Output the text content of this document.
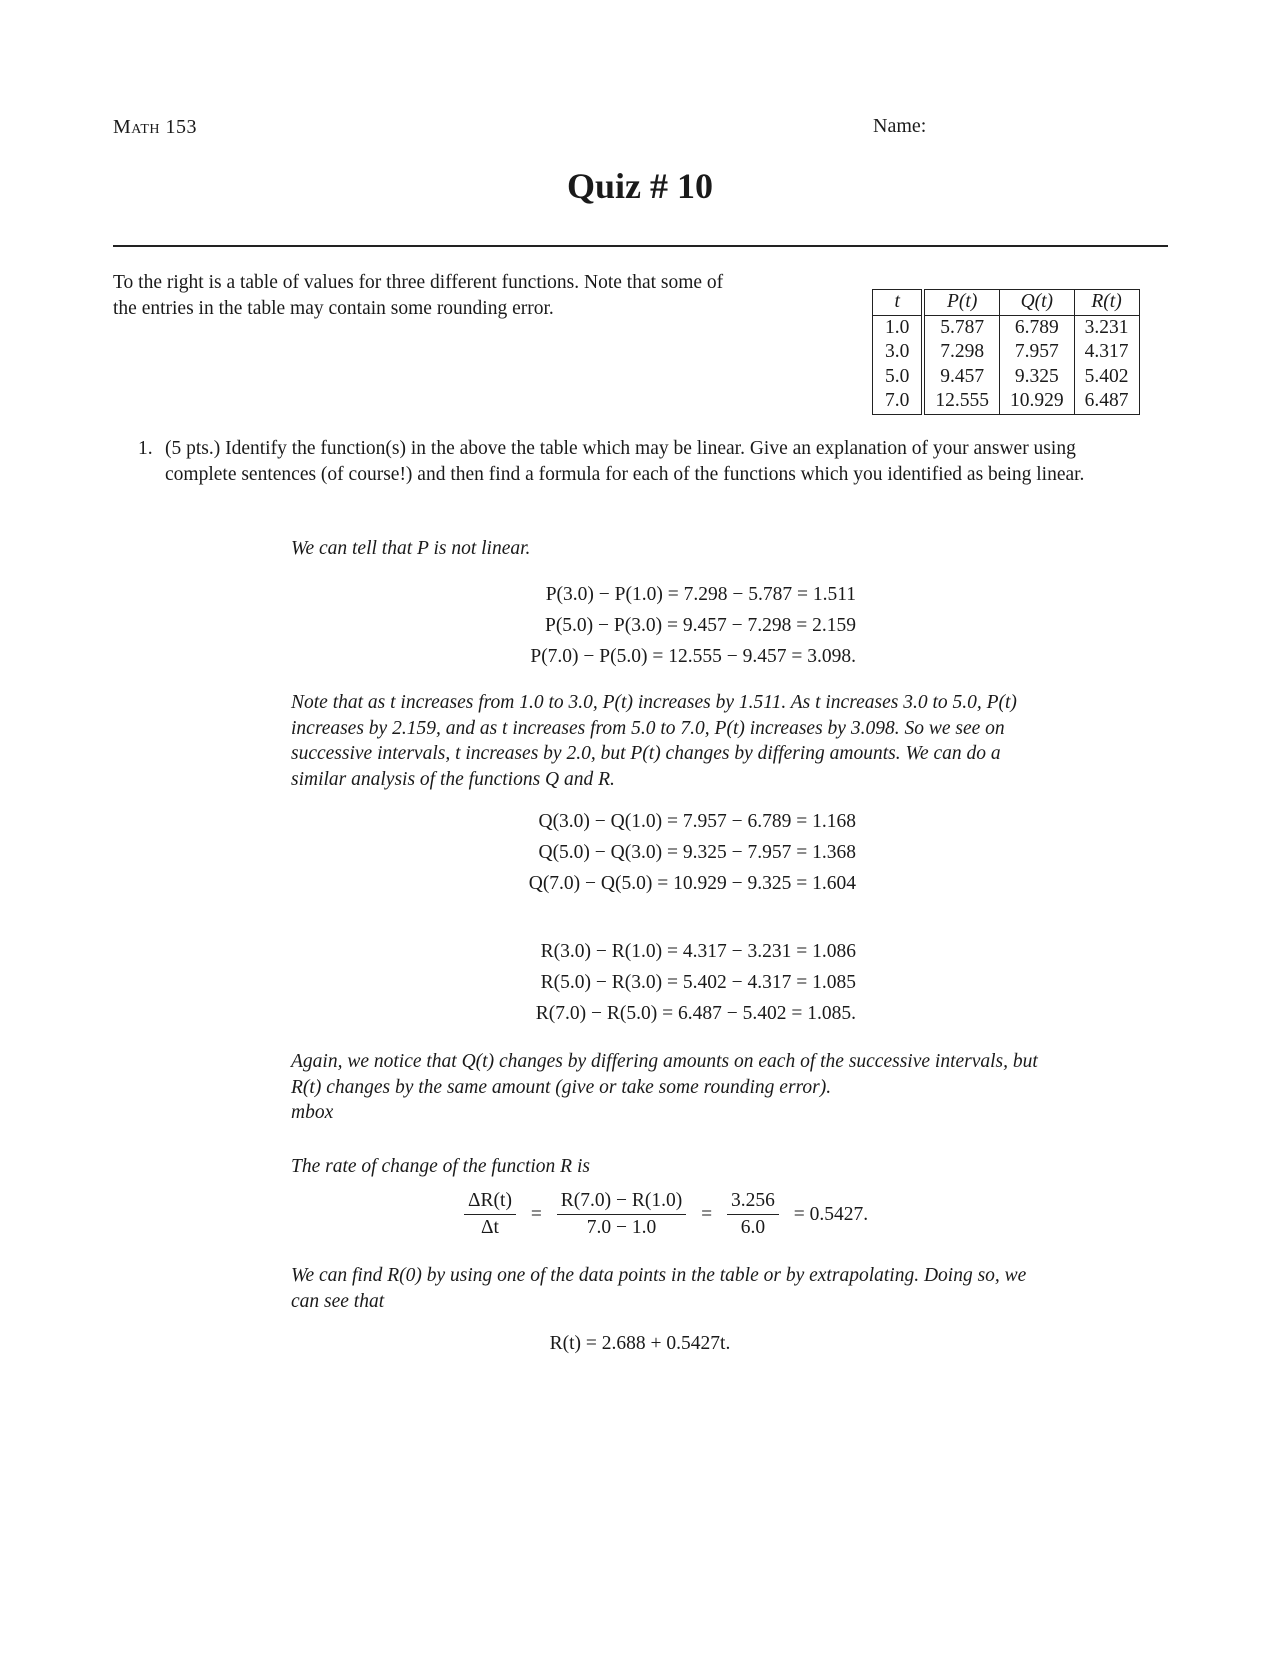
Math 153	Name:
Quiz # 10
To the right is a table of values for three different functions. Note that some of the entries in the table may contain some rounding error.	t	P(t)	Q(t)	R(t)
1.0	5.787	6.789	3.231
3.0	7.298	7.957	4.317
5.0	9.457	9.325	5.402
7.0	12.555	10.929	6.487
1. (5 pts.) Identify the function(s) in the above the table which may be linear. Give an explanation of your answer using complete sentences (of course!) and then find a formula for each of the functions which you identified as being linear.
We can tell that P is not linear.
P(3.0) − P(1.0) = 7.298 − 5.787 = 1.511
P(5.0) − P(3.0) = 9.457 − 7.298 = 2.159
P(7.0) − P(5.0) = 12.555 − 9.457 = 3.098.
Note that as t increases from 1.0 to 3.0, P(t) increases by 1.511. As t increases 3.0 to 5.0, P(t) increases by 2.159, and as t increases from 5.0 to 7.0, P(t) increases by 3.098. So we see on successive intervals, t increases by 2.0, but P(t) changes by differing amounts. We can do a similar analysis of the functions Q and R.
Q(3.0) − Q(1.0) = 7.957 − 6.789 = 1.168
Q(5.0) − Q(3.0) = 9.325 − 7.957 = 1.368
Q(7.0) − Q(5.0) = 10.929 − 9.325 = 1.604
R(3.0) − R(1.0) = 4.317 − 3.231 = 1.086
R(5.0) − R(3.0) = 5.402 − 4.317 = 1.085
R(7.0) − R(5.0) = 6.487 − 5.402 = 1.085.
Again, we notice that Q(t) changes by differing amounts on each of the successive intervals, but R(t) changes by the same amount (give or take some rounding error).
mbox
The rate of change of the function R is
$\frac{\Delta R(t)}{\Delta t} = \frac{R(7.0) - R(1.0)}{7.0 - 1.0} = \frac{3.256}{6.0} = 0.5427$.
We can find R(0) by using one of the data points in the table or by extrapolating. Doing so, we can see that
R(t) = 2.688 + 0.5427t.
